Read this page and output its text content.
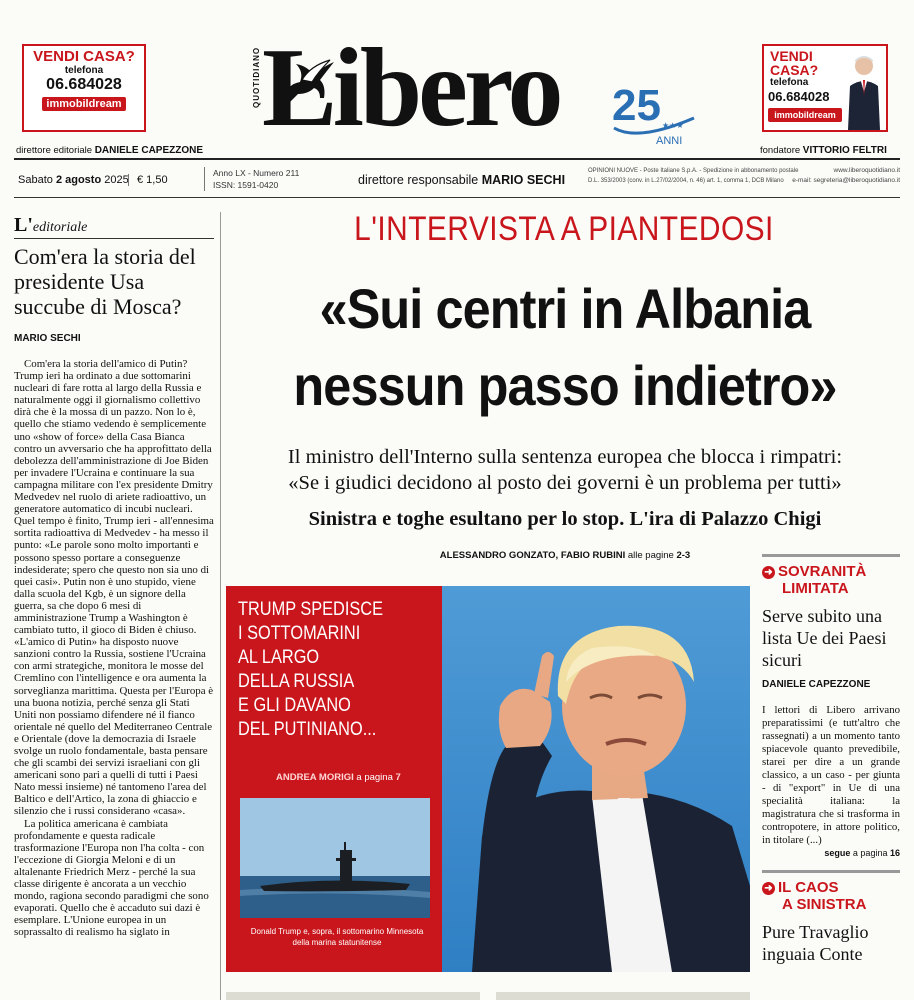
VENDI CASA?
telefona
06.684028
immobildream
VENDI
CASA?
telefona
06.684028
immobildream
Libero
QUOTIDIANO	25
ANNI
★★★
direttore editoriale DANIELE CAPEZZONE	fondatore VITTORIO FELTRI
Sabato 2 agosto 2025 € 1,50
Anno LX - Numero 211
ISSN: 1591-0420	direttore responsabile MARIO SECHI
OPINIONI NUOVE - Poste Italiane S.p.A. - Spedizione in abbonamento postale D.L. 353/2003 (conv. in L.27/02/2004, n. 46) art. 1, comma 1, DCB Milano
www.liberoquotidiano.it
e-mail: segreteria@liberoquotidiano.it
L'editoriale
Com'era la storia del presidente Usa succube di Mosca?
MARIO SECHI

Com'era la storia dell'amico di Putin? Trump ieri ha ordinato a due sottomarini nucleari di fare rotta al largo della Russia e naturalmente oggi il giornalismo collettivo dirà che è la mossa di un pazzo. Non lo è, quello che stiamo vedendo è semplicemente uno «show of force» della Casa Bianca contro un avversario che ha approfittato della debolezza dell'amministrazione di Joe Biden per invadere l'Ucraina e continuare la sua campagna militare con l'ex presidente Dmitry Medvedev nel ruolo di ariete radioattivo, un generatore automatico di incubi nucleari. Quel tempo è finito, Trump ieri - all'ennesima sortita radioattiva di Medvedev - ha messo il punto: «Le parole sono molto importanti e possono spesso portare a conseguenze indesiderate; spero che questo non sia uno di quei casi». Putin non è uno stupido, viene dalla scuola del Kgb, è un signore della guerra, sa che dopo 6 mesi di amministrazione Trump a Washington è cambiato tutto, il gioco di Biden è chiuso. «L'amico di Putin» ha disposto nuove sanzioni contro la Russia, sostiene l'Ucraina con armi strategiche, monitora le mosse del Cremlino con l'intelligence e ora aumenta la sorveglianza marittima. Questa per l'Europa è una buona notizia, perché senza gli Stati Uniti non possiamo difendere né il fianco orientale né quello del Mediterraneo Centrale e Orientale (dove la democrazia di Israele svolge un ruolo fondamentale, basta pensare che gli scambi dei servizi israeliani con gli americani sono pari a quelli di tutti i Paesi Nato messi insieme) né tantomeno l'area del Baltico e dell'Artico, la zona di ghiaccio e silenzio che i russi considerano «casa».

La politica americana è cambiata profondamente e questa radicale trasformazione l'Europa non l'ha colta - con l'eccezione di Giorgia Meloni e di un altalenante Friedrich Merz - perché la sua classe dirigente è ancorata a un vecchio mondo, ragiona secondo paradigmi che sono evaporati. Quello che è accaduto sui dazi è esemplare. L'Unione europea in un soprassalto di realismo ha siglato in

L'INTERVISTA A PIANTEDOSI
«Sui centri in Albania
nessun passo indietro»
Il ministro dell'Interno sulla sentenza europea che blocca i rimpatri:
«Se i giudici decidono al posto dei governi è un problema per tutti»
Sinistra e toghe esultano per lo stop. L'ira di Palazzo Chigi
ALESSANDRO GONZATO, FABIO RUBINI alle pagine 2-3
TRUMP SPEDISCE
I SOTTOMARINI
AL LARGO
DELLA RUSSIA
E GLI DAVANO
DEL PUTINIANO...
ANDREA MORIGI a pagina 7
Donald Trump e, sopra, il sottomarino Minnesota della marina statunitense
➜ SOVRANITÀ
LIMITATA
Serve subito una lista Ue dei Paesi sicuri
DANIELE CAPEZZONE
I lettori di Libero arrivano preparatissimi (e tutt'altro che rassegnati) a un momento tanto spiacevole quanto prevedibile, starei per dire a un grande classico, a un caso - per giunta - di "export" in Ue di una specialità italiana: la magistratura che si trasforma in contropotere, in attore politico, in titolare (...)
segue a pagina 16
➜ IL CAOS
A SINISTRA
Pure Travaglio inguaia Conte
